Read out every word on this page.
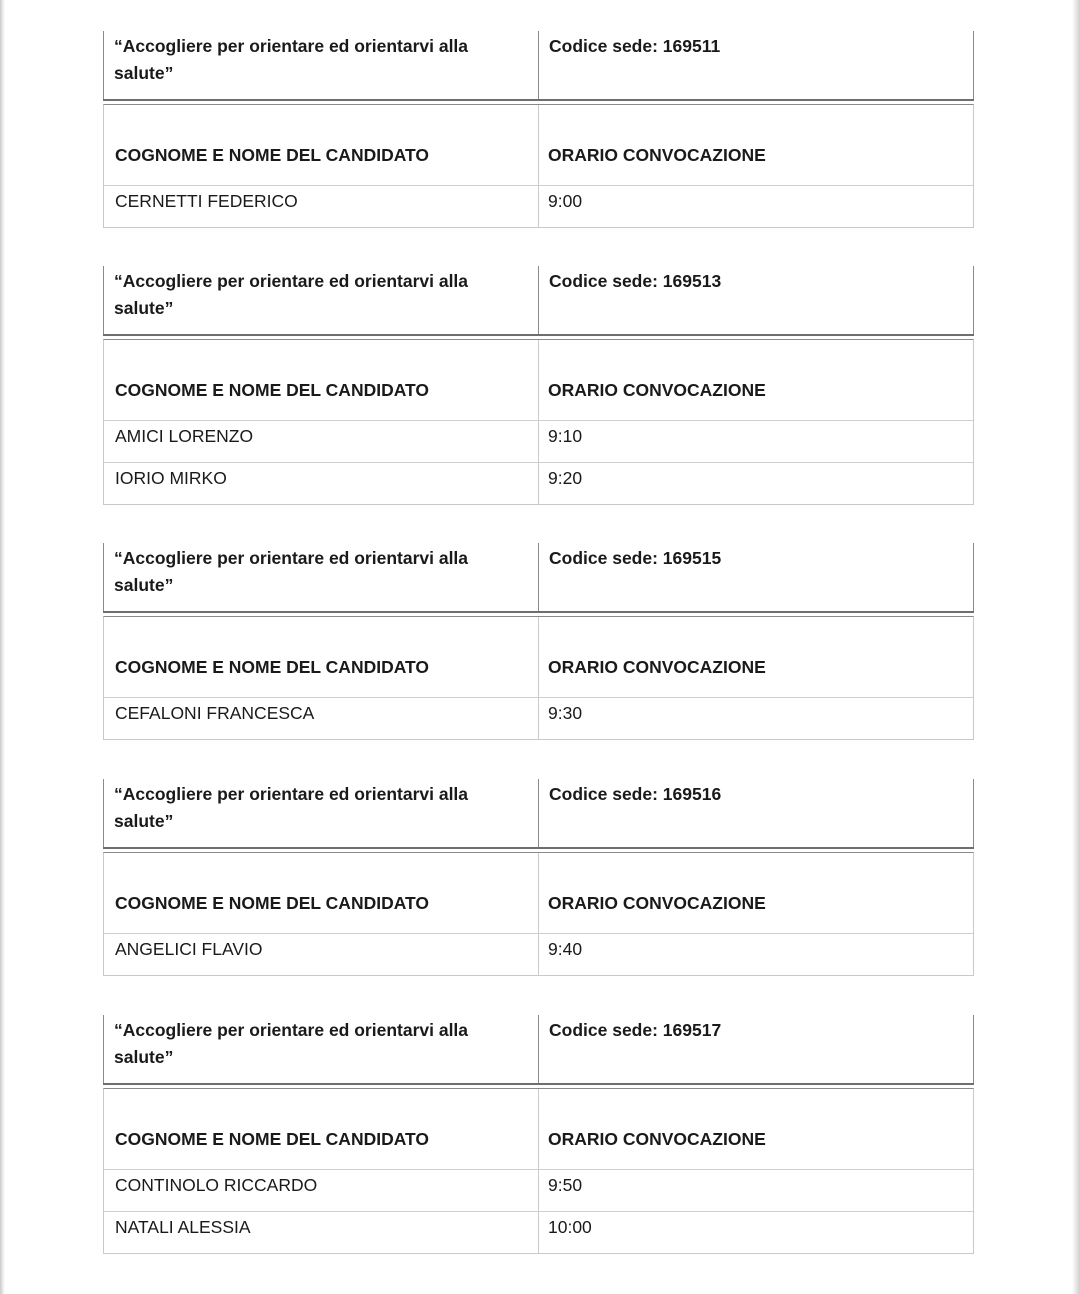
“Accogliere per orientare ed orientarvi alla salute”
Codice sede: 169511
COGNOME E NOME DEL CANDIDATO	ORARIO CONVOCAZIONE
CERNETTI FEDERICO	9:00
“Accogliere per orientare ed orientarvi alla salute”
Codice sede: 169513
COGNOME E NOME DEL CANDIDATO	ORARIO CONVOCAZIONE
AMICI LORENZO	9:10
IORIO MIRKO	9:20
“Accogliere per orientare ed orientarvi alla salute”
Codice sede: 169515
COGNOME E NOME DEL CANDIDATO	ORARIO CONVOCAZIONE
CEFALONI FRANCESCA	9:30
“Accogliere per orientare ed orientarvi alla salute”
Codice sede: 169516
COGNOME E NOME DEL CANDIDATO	ORARIO CONVOCAZIONE
ANGELICI FLAVIO	9:40
“Accogliere per orientare ed orientarvi alla salute”
Codice sede: 169517
COGNOME E NOME DEL CANDIDATO	ORARIO CONVOCAZIONE
CONTINOLO RICCARDO	9:50
NATALI ALESSIA	10:00
